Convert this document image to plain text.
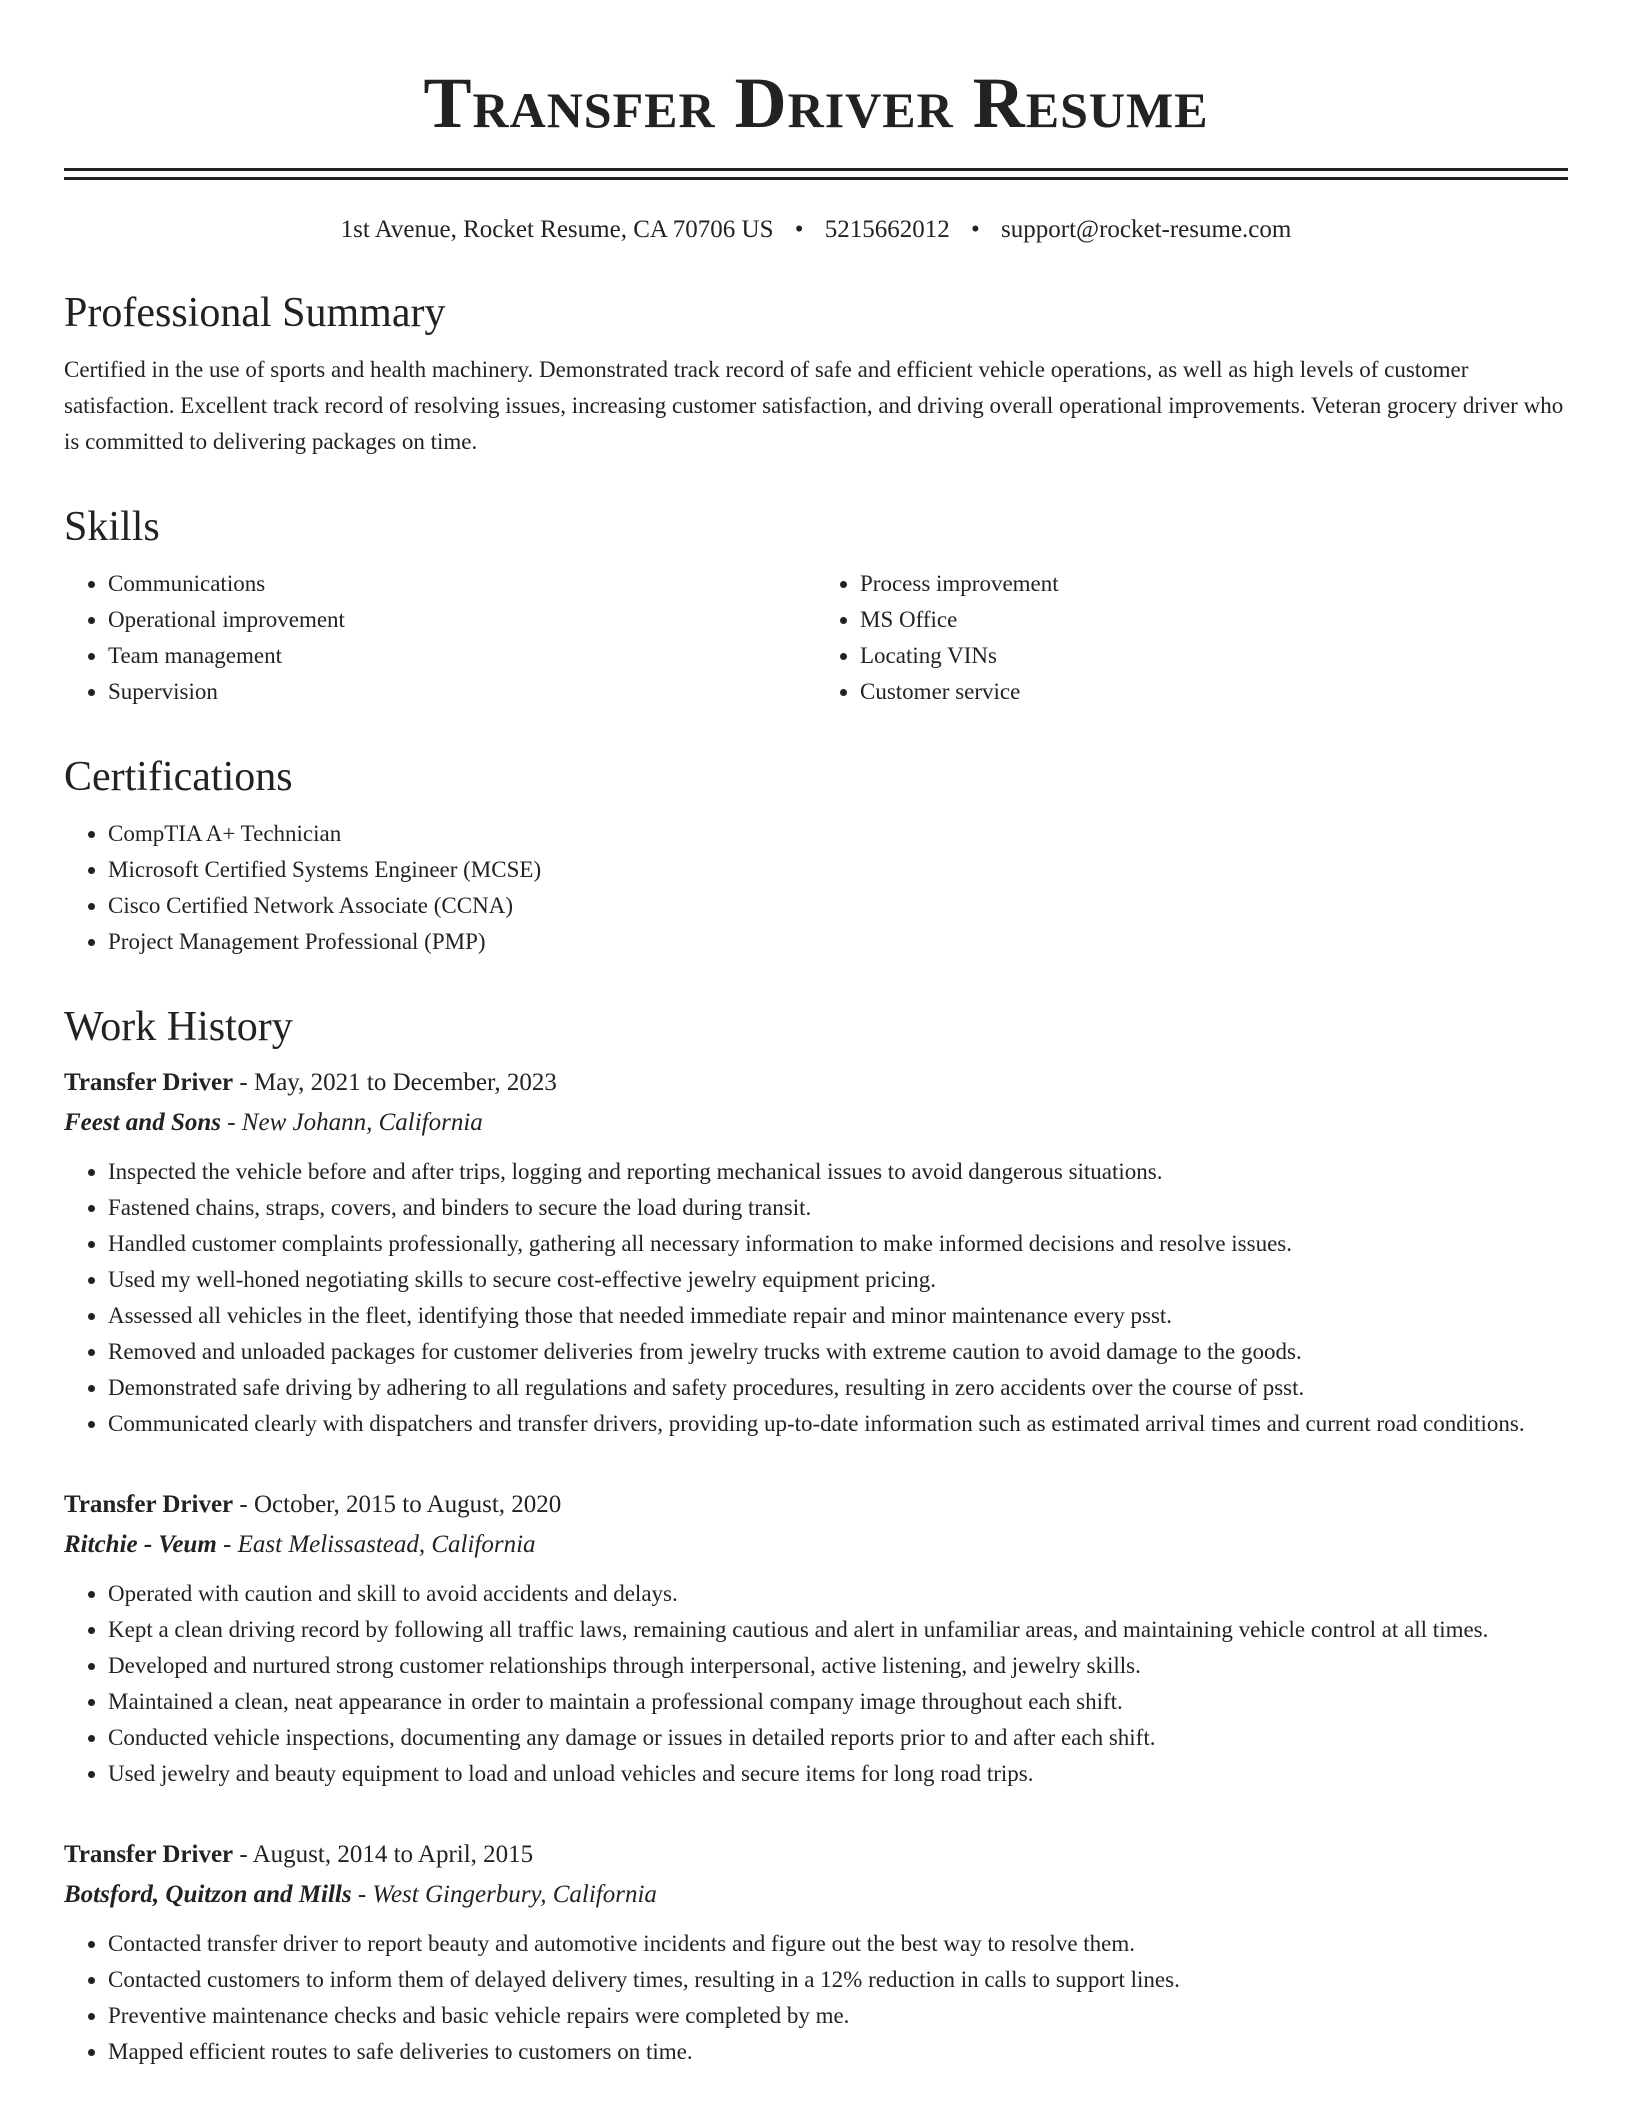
Transfer Driver Resume
1st Avenue, Rocket Resume, CA 70706 US • 5215662012 • support@rocket-resume.com
Professional Summary

Certified in the use of sports and health machinery. Demonstrated track record of safe and efficient vehicle operations, as well as high levels of customer satisfaction. Excellent track record of resolving issues, increasing customer satisfaction, and driving overall operational improvements. Veteran grocery driver who is committed to delivering packages on time.

Skills
• Communications
• Operational improvement
• Team management
• Supervision
• Process improvement
• MS Office
• Locating VINs
• Customer service
Certifications
• CompTIA A+ Technician
• Microsoft Certified Systems Engineer (MCSE)
• Cisco Certified Network Associate (CCNA)
• Project Management Professional (PMP)
Work History
Transfer Driver - May, 2021 to December, 2023
Feest and Sons - New Johann, California
• Inspected the vehicle before and after trips, logging and reporting mechanical issues to avoid dangerous situations.
• Fastened chains, straps, covers, and binders to secure the load during transit.
• Handled customer complaints professionally, gathering all necessary information to make informed decisions and resolve issues.
• Used my well-honed negotiating skills to secure cost-effective jewelry equipment pricing.
• Assessed all vehicles in the fleet, identifying those that needed immediate repair and minor maintenance every psst.
• Removed and unloaded packages for customer deliveries from jewelry trucks with extreme caution to avoid damage to the goods.
• Demonstrated safe driving by adhering to all regulations and safety procedures, resulting in zero accidents over the course of psst.
• Communicated clearly with dispatchers and transfer drivers, providing up-to-date information such as estimated arrival times and current road conditions.
Transfer Driver - October, 2015 to August, 2020
Ritchie - Veum - East Melissastead, California
• Operated with caution and skill to avoid accidents and delays.
• Kept a clean driving record by following all traffic laws, remaining cautious and alert in unfamiliar areas, and maintaining vehicle control at all times.
• Developed and nurtured strong customer relationships through interpersonal, active listening, and jewelry skills.
• Maintained a clean, neat appearance in order to maintain a professional company image throughout each shift.
• Conducted vehicle inspections, documenting any damage or issues in detailed reports prior to and after each shift.
• Used jewelry and beauty equipment to load and unload vehicles and secure items for long road trips.
Transfer Driver - August, 2014 to April, 2015
Botsford, Quitzon and Mills - West Gingerbury, California
• Contacted transfer driver to report beauty and automotive incidents and figure out the best way to resolve them.
• Contacted customers to inform them of delayed delivery times, resulting in a 12% reduction in calls to support lines.
• Preventive maintenance checks and basic vehicle repairs were completed by me.
• Mapped efficient routes to safe deliveries to customers on time.
